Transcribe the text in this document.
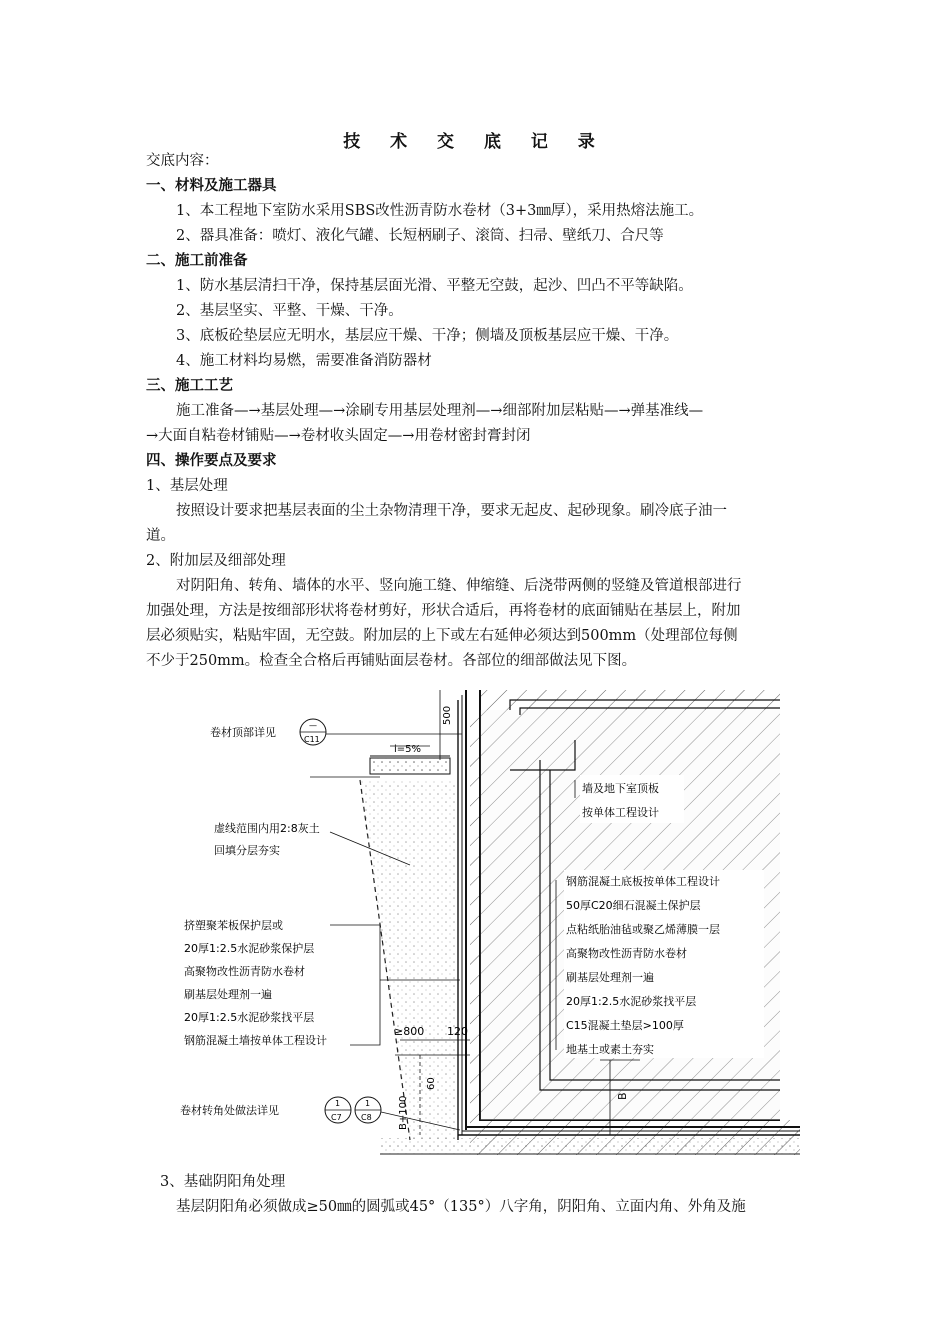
技 术 交 底 记 录
交底内容：
一、材料及施工器具
1、本工程地下室防水采用SBS改性沥青防水卷材（3+3㎜厚），采用热熔法施工。
2、器具准备：喷灯、液化气罐、长短柄刷子、滚筒、扫帚、壁纸刀、合尺等
二、施工前准备
1、防水基层清扫干净，保持基层面光滑、平整无空鼓，起沙、凹凸不平等缺陷。
2、基层坚实、平整、干燥、干净。
3、底板砼垫层应无明水，基层应干燥、干净；侧墙及顶板基层应干燥、干净。
4、施工材料均易燃，需要准备消防器材
三、施工工艺
施工准备—→基层处理—→涂刷专用基层处理剂—→细部附加层粘贴—→弹基准线—
→大面自粘卷材铺贴—→卷材收头固定—→用卷材密封膏封闭
四、操作要点及要求
1、基层处理
按照设计要求把基层表面的尘土杂物清理干净，要求无起皮、起砂现象。刷冷底子油一
道。
2、附加层及细部处理
对阴阳角、转角、墙体的水平、竖向施工缝、伸缩缝、后浇带两侧的竖缝及管道根部进行
加强处理，方法是按细部形状将卷材剪好，形状合适后，再将卷材的底面铺贴在基层上，附加
层必须贴实，粘贴牢固，无空鼓。附加层的上下或左右延伸必须达到500mm（处理部位每侧
不少于250mm。检查全合格后再铺贴面层卷材。各部位的细部做法见下图。
i=5%
500
卷材顶部详见
—
C11
虚线范围内用2:8灰土
回填分层夯实
挤塑聚苯板保护层或
20厚1:2.5水泥砂浆保护层
高聚物改性沥青防水卷材
刷基层处理剂一遍
20厚1:2.5水泥砂浆找平层
钢筋混凝土墙按单体工程设计
≥800 120
60
B+100
卷材转角处做法详见
1
C7
1
C8
墙及地下室顶板
按单体工程设计
钢筋混凝土底板按单体工程设计
50厚C20细石混凝土保护层
点粘纸胎油毡或聚乙烯薄膜一层
高聚物改性沥青防水卷材
刷基层处理剂一遍
20厚1:2.5水泥砂浆找平层
C15混凝土垫层>100厚
地基土或素土夯实
B
3、基础阴阳角处理
基层阴阳角必须做成≥50㎜的圆弧或45°（135°）八字角，阴阳角、立面内角、外角及施
